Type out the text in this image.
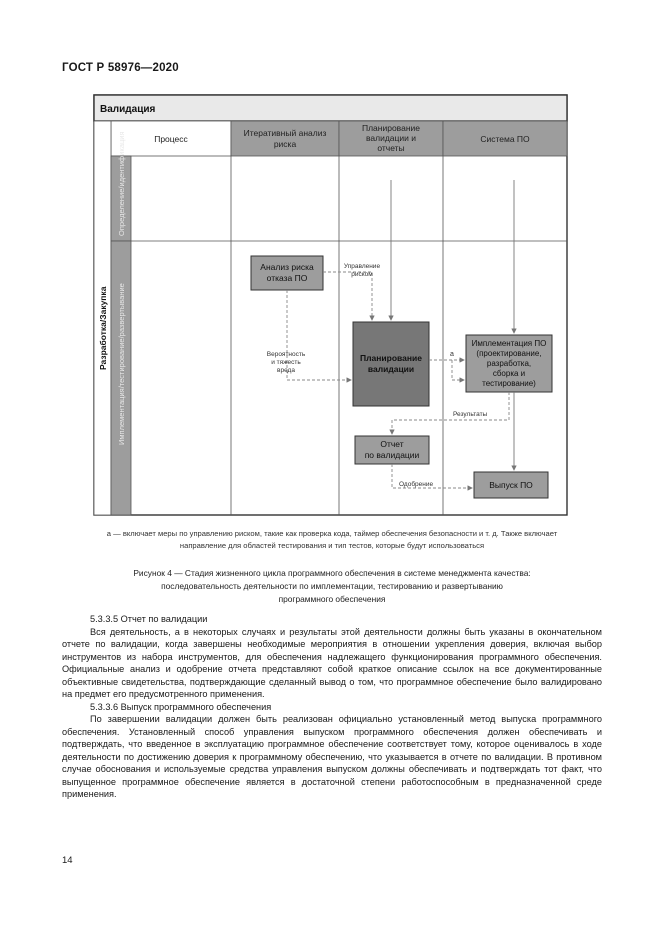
ГОСТ Р 58976—2020
Валидация
Процесс
Итеративный анализ риска
Планирование валидации и отчеты
Система ПО
Разработка/Закупка
Определение/идентификация
Имплементация/тестирование/развертывание
Анализ риска отказа ПО
Планирование валидации
Имплементация ПО (проектирование, разработка, сборка и тестирование)
Отчет по валидации
Выпуск ПО
Управление риском
Вероятность и тяжесть вреда
a
Результаты
Одобрение
а — включает меры по управлению риском, такие как проверка кода, таймер обеспечения безопасности и т. д. Также включает
направление для областей тестирования и тип тестов, которые будут использоваться
Рисунок 4 — Стадия жизненного цикла программного обеспечения в системе менеджмента качества:
последовательность деятельности по имплементации, тестированию и развертыванию
программного обеспечения

5.3.3.5 Отчет по валидации

Вся деятельность, а в некоторых случаях и результаты этой деятельности должны быть указаны в окончательном отчете по валидации, когда завершены необходимые мероприятия в отношении укрепления доверия, включая выбор инструментов из набора инструментов, для обеспечения надлежащего функционирования программного обеспечения. Официальные анализ и одобрение отчета представляют собой краткое описание ссылок на все документированные объективные свидетельства, подтверждающие сделанный вывод о том, что программное обеспечение было валидировано на предмет его предусмотренного применения.

5.3.3.6 Выпуск программного обеспечения

По завершении валидации должен быть реализован официально установленный метод выпуска программного обеспечения. Установленный способ управления выпуском программного обеспечения должен обеспечивать и подтверждать, что введенное в эксплуатацию программное обеспечение соответствует тому, которое оценивалось в ходе деятельности по достижению доверия к программному обеспечению, что указывается в отчете по валидации. В противном случае обоснования и используемые средства управления выпуском должны обеспечивать и подтверждать тот факт, что выпущенное программное обеспечение является в достаточной степени работоспособным в предназначенной среде применения.

14
